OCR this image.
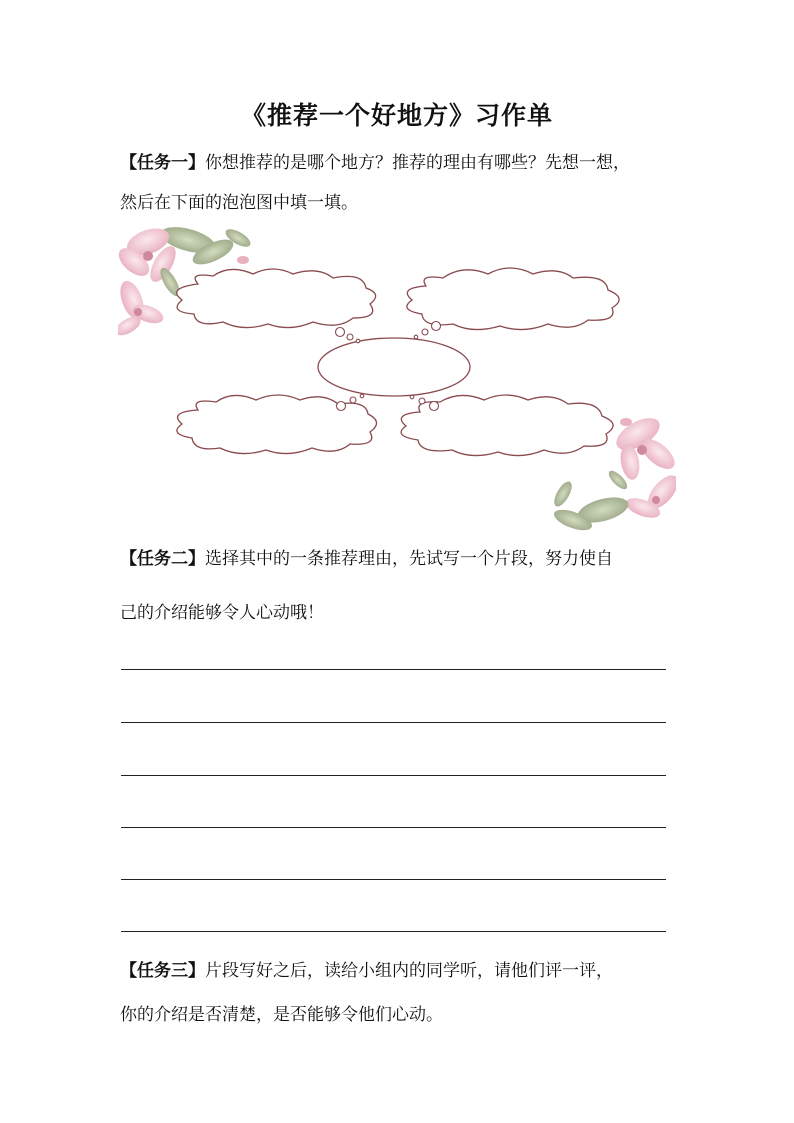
《推荐一个好地方》习作单
【任务一】你想推荐的是哪个地方？推荐的理由有哪些？先想一想，
然后在下面的泡泡图中填一填。
【任务二】选择其中的一条推荐理由，先试写一个片段，努力使自
己的介绍能够令人心动哦！
【任务三】片段写好之后，读给小组内的同学听，请他们评一评，
你的介绍是否清楚，是否能够令他们心动。
